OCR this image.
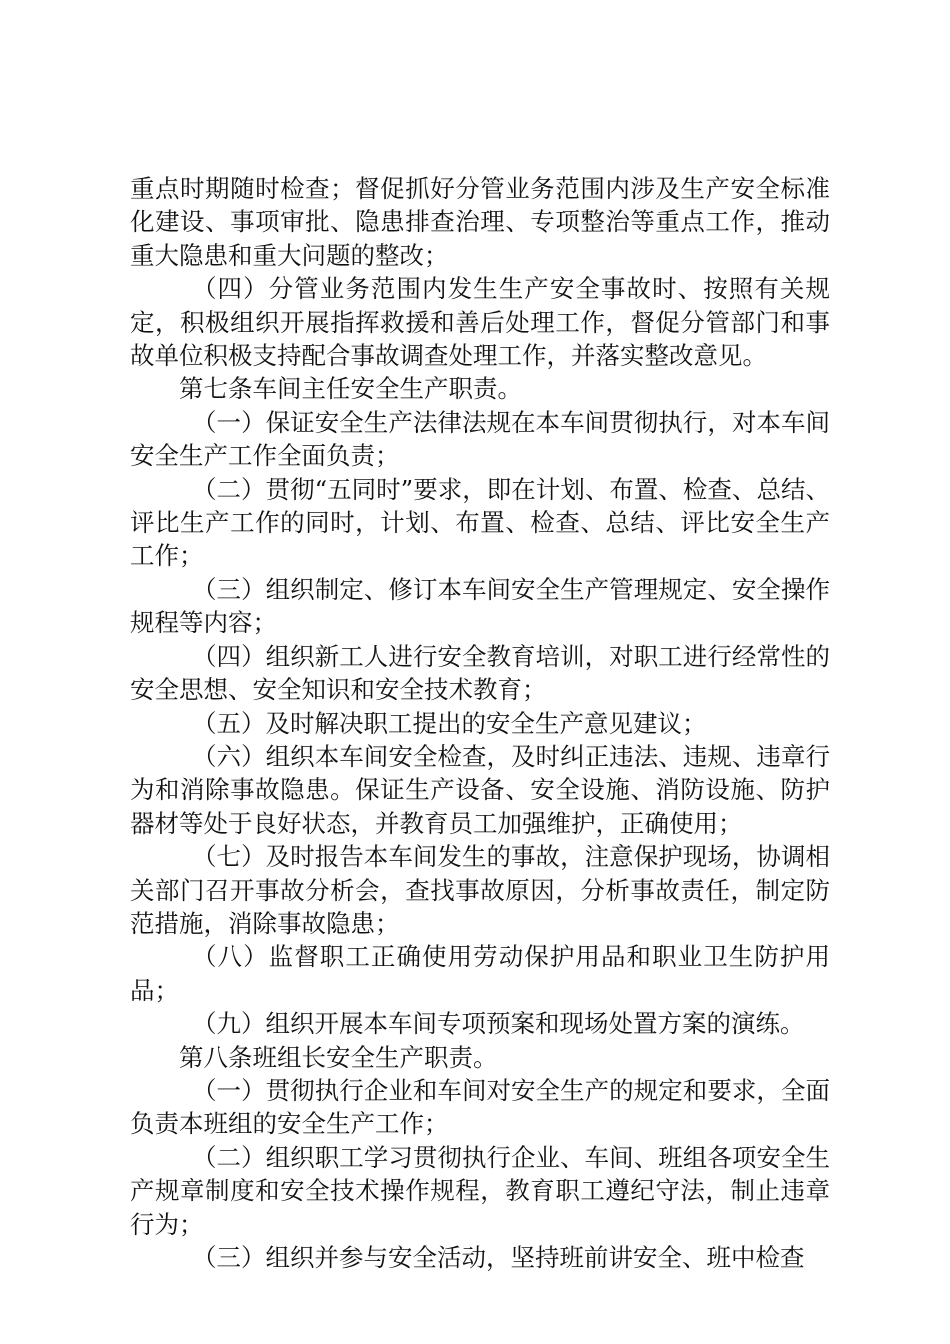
重点时期随时检查；督促抓好分管业务范围内涉及生产安全标准化建设、事项审批、隐患排查治理、专项整治等重点工作，推动重大隐患和重大问题的整改；

（四）分管业务范围内发生生产安全事故时、按照有关规定，积极组织开展指挥救援和善后处理工作，督促分管部门和事故单位积极支持配合事故调查处理工作，并落实整改意见。

第七条车间主任安全生产职责。

（一）保证安全生产法律法规在本车间贯彻执行，对本车间安全生产工作全面负责；

（二）贯彻“五同时”要求，即在计划、布置、检查、总结、评比生产工作的同时，计划、布置、检查、总结、评比安全生产工作；

（三）组织制定、修订本车间安全生产管理规定、安全操作规程等内容；

（四）组织新工人进行安全教育培训，对职工进行经常性的安全思想、安全知识和安全技术教育；

（五）及时解决职工提出的安全生产意见建议；

（六）组织本车间安全检查，及时纠正违法、违规、违章行为和消除事故隐患。保证生产设备、安全设施、消防设施、防护器材等处于良好状态，并教育员工加强维护，正确使用；

（七）及时报告本车间发生的事故，注意保护现场，协调相关部门召开事故分析会，查找事故原因，分析事故责任，制定防范措施，消除事故隐患；

（八）监督职工正确使用劳动保护用品和职业卫生防护用品；

（九）组织开展本车间专项预案和现场处置方案的演练。

第八条班组长安全生产职责。

（一）贯彻执行企业和车间对安全生产的规定和要求，全面负责本班组的安全生产工作；

（二）组织职工学习贯彻执行企业、车间、班组各项安全生产规章制度和安全技术操作规程，教育职工遵纪守法，制止违章行为；

（三）组织并参与安全活动，坚持班前讲安全、班中检查
